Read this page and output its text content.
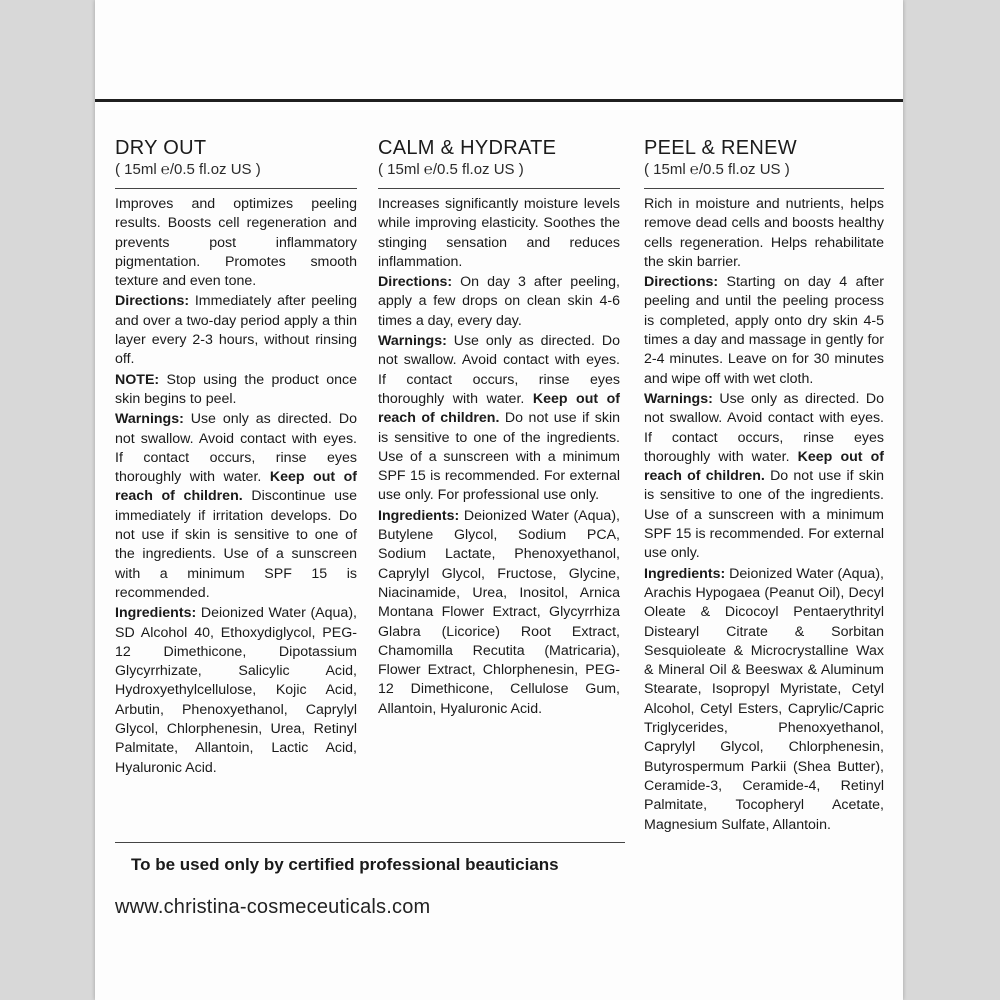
DRY OUT
( 15ml ℮/0.5 fl.oz US )

Improves and optimizes peeling results. Boosts cell regeneration and prevents post inflammatory pigmentation. Promotes smooth texture and even tone.

Directions: Immediately after peeling and over a two-day period apply a thin layer every 2-3 hours, without rinsing off.

NOTE: Stop using the product once skin begins to peel.

Warnings: Use only as directed. Do not swallow. Avoid contact with eyes. If contact occurs, rinse eyes thoroughly with water. Keep out of reach of children. Discontinue use immediately if irritation develops. Do not use if skin is sensitive to one of the ingredients. Use of a sunscreen with a minimum SPF 15 is recommended.

Ingredients: Deionized Water (Aqua), SD Alcohol 40, Ethoxydiglycol, PEG-12 Dimethicone, Dipotassium Glycyrrhizate, Salicylic Acid, Hydroxyethylcellulose, Kojic Acid, Arbutin, Phenoxyethanol, Caprylyl Glycol, Chlorphenesin, Urea, Retinyl Palmitate, Allantoin, Lactic Acid, Hyaluronic Acid.

CALM & HYDRATE
( 15ml ℮/0.5 fl.oz US )

Increases significantly moisture levels while improving elasticity. Soothes the stinging sensation and reduces inflammation.

Directions: On day 3 after peeling, apply a few drops on clean skin 4-6 times a day, every day.

Warnings: Use only as directed. Do not swallow. Avoid contact with eyes. If contact occurs, rinse eyes thoroughly with water. Keep out of reach of children. Do not use if skin is sensitive to one of the ingredients. Use of a sunscreen with a minimum SPF 15 is recommended. For external use only. For professional use only.

Ingredients: Deionized Water (Aqua), Butylene Glycol, Sodium PCA, Sodium Lactate, Phenoxyethanol, Caprylyl Glycol, Fructose, Glycine, Niacinamide, Urea, Inositol, Arnica Montana Flower Extract, Glycyrrhiza Glabra (Licorice) Root Extract, Chamomilla Recutita (Matricaria), Flower Extract, Chlorphenesin, PEG-12 Dimethicone, Cellulose Gum, Allantoin, Hyaluronic Acid.

PEEL & RENEW
( 15ml ℮/0.5 fl.oz US )

Rich in moisture and nutrients, helps remove dead cells and boosts healthy cells regeneration. Helps rehabilitate the skin barrier.

Directions: Starting on day 4 after peeling and until the peeling process is completed, apply onto dry skin 4-5 times a day and massage in gently for 2-4 minutes. Leave on for 30 minutes and wipe off with wet cloth.

Warnings: Use only as directed. Do not swallow. Avoid contact with eyes. If contact occurs, rinse eyes thoroughly with water. Keep out of reach of children. Do not use if skin is sensitive to one of the ingredients. Use of a sunscreen with a minimum SPF 15 is recommended. For external use only.

Ingredients: Deionized Water (Aqua), Arachis Hypogaea (Peanut Oil), Decyl Oleate & Dicocoyl Pentaerythrityl Distearyl Citrate & Sorbitan Sesquioleate & Microcrystalline Wax & Mineral Oil & Beeswax & Aluminum Stearate, Isopropyl Myristate, Cetyl Alcohol, Cetyl Esters, Caprylic/Capric Triglycerides, Phenoxyethanol, Caprylyl Glycol, Chlorphenesin, Butyrospermum Parkii (Shea Butter), Ceramide-3, Ceramide-4, Retinyl Palmitate, Tocopheryl Acetate, Magnesium Sulfate, Allantoin.

To be used only by certified professional beauticians
www.christina-cosmeceuticals.com
